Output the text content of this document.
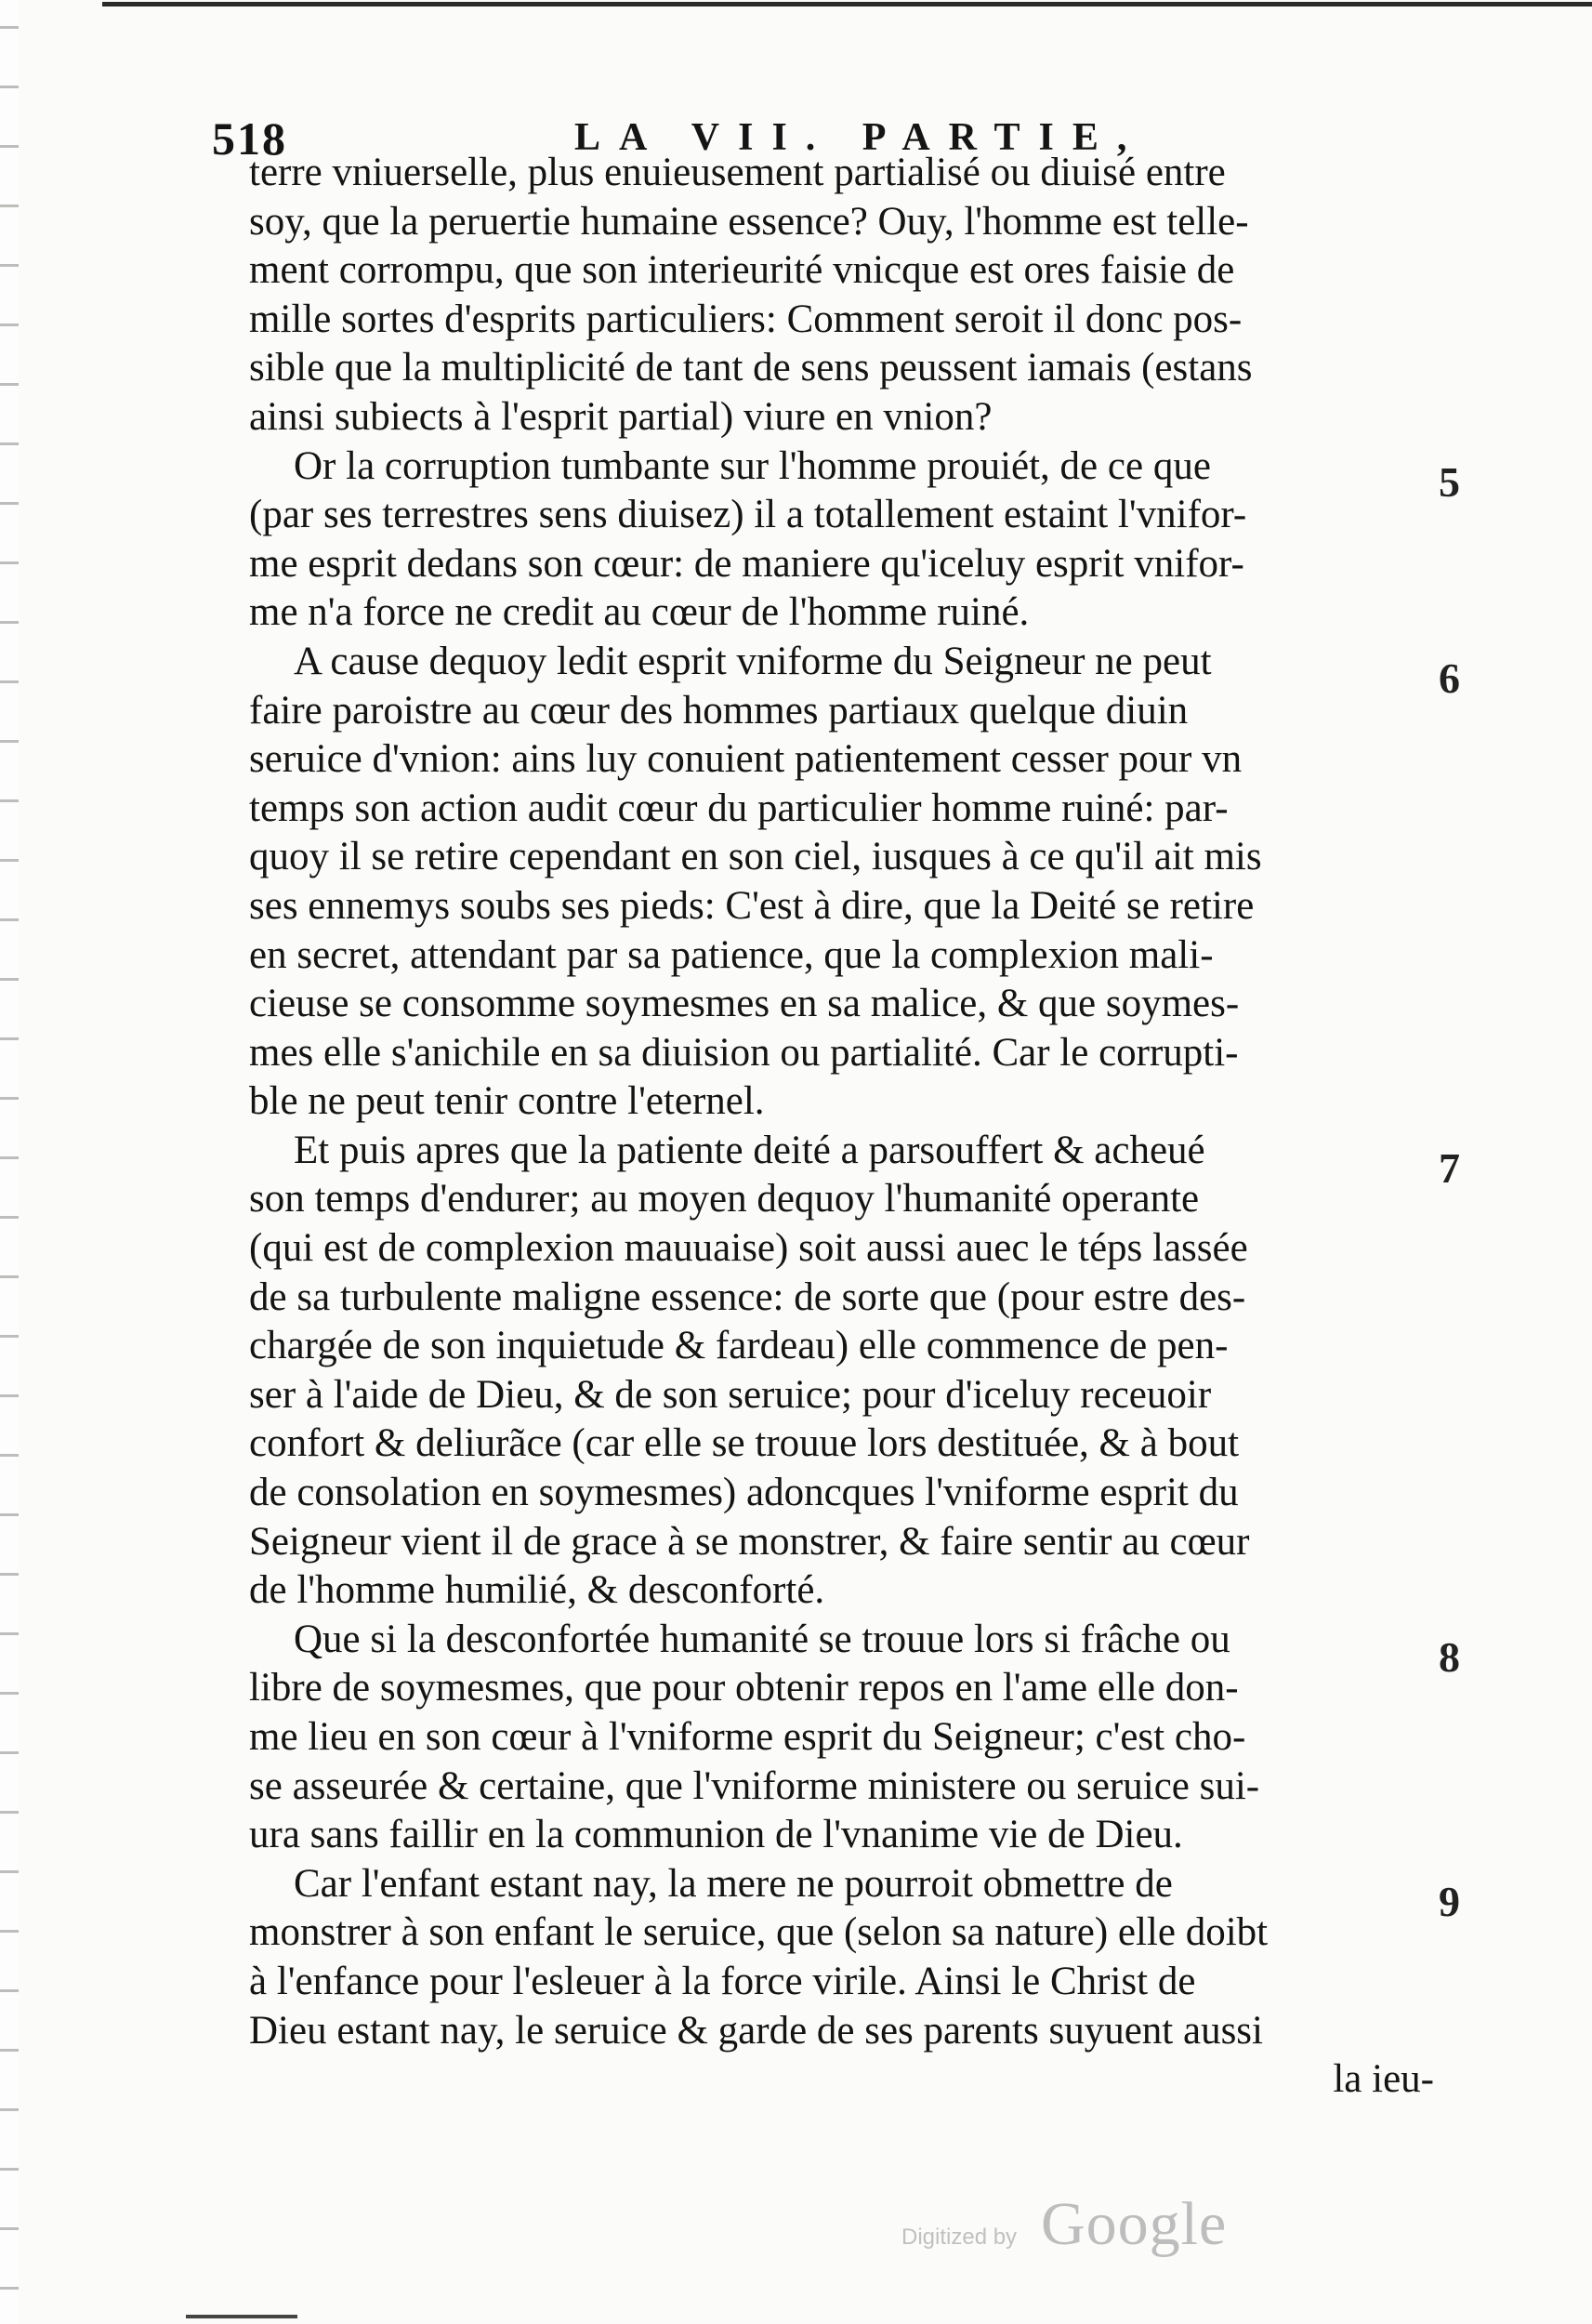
518	LA VII. PARTIE,
terre vniuerselle, plus enuieusement partialisé ou diuisé entre
soy, que la peruertie humaine essence? Ouy, l'homme est telle-
ment corrompu, que son interieurité vnicque est ores faisie de
mille sortes d'esprits particuliers: Comment seroit il donc pos-
sible que la multiplicité de tant de sens peussent iamais (estans
ainsi subiects à l'esprit partial) viure en vnion?
Or la corruption tumbante sur l'homme prouiét, de ce que
(par ses terrestres sens diuisez) il a totallement estaint l'vnifor-
me esprit dedans son cœur: de maniere qu'iceluy esprit vnifor-
me n'a force ne credit au cœur de l'homme ruiné.
A cause dequoy ledit esprit vniforme du Seigneur ne peut
faire paroistre au cœur des hommes partiaux quelque diuin
seruice d'vnion: ains luy conuient patientement cesser pour vn
temps son action audit cœur du particulier homme ruiné: par-
quoy il se retire cependant en son ciel, iusques à ce qu'il ait mis
ses ennemys soubs ses pieds: C'est à dire, que la Deité se retire
en secret, attendant par sa patience, que la complexion mali-
cieuse se consomme soymesmes en sa malice, & que soymes-
mes elle s'anichile en sa diuision ou partialité. Car le corrupti-
ble ne peut tenir contre l'eternel.
Et puis apres que la patiente deité a parsouffert & acheué
son temps d'endurer; au moyen dequoy l'humanité operante
(qui est de complexion mauuaise) soit aussi auec le téps lassée
de sa turbulente maligne essence: de sorte que (pour estre des-
chargée de son inquietude & fardeau) elle commence de pen-
ser à l'aide de Dieu, & de son seruice; pour d'iceluy receuoir
confort & deliurãce (car elle se trouue lors destituée, & à bout
de consolation en soymesmes) adoncques l'vniforme esprit du
Seigneur vient il de grace à se monstrer, & faire sentir au cœur
de l'homme humilié, & desconforté.
Que si la desconfortée humanité se trouue lors si frâche ou
libre de soymesmes, que pour obtenir repos en l'ame elle don-
me lieu en son cœur à l'vniforme esprit du Seigneur; c'est cho-
se asseurée & certaine, que l'vniforme ministere ou seruice sui-
ura sans faillir en la communion de l'vnanime vie de Dieu.
Car l'enfant estant nay, la mere ne pourroit obmettre de
monstrer à son enfant le seruice, que (selon sa nature) elle doibt
à l'enfance pour l'esleuer à la force virile. Ainsi le Christ de
Dieu estant nay, le seruice & garde de ses parents suyuent aussi
la ieu-
5
6
7
8
9
Digitized by Google
